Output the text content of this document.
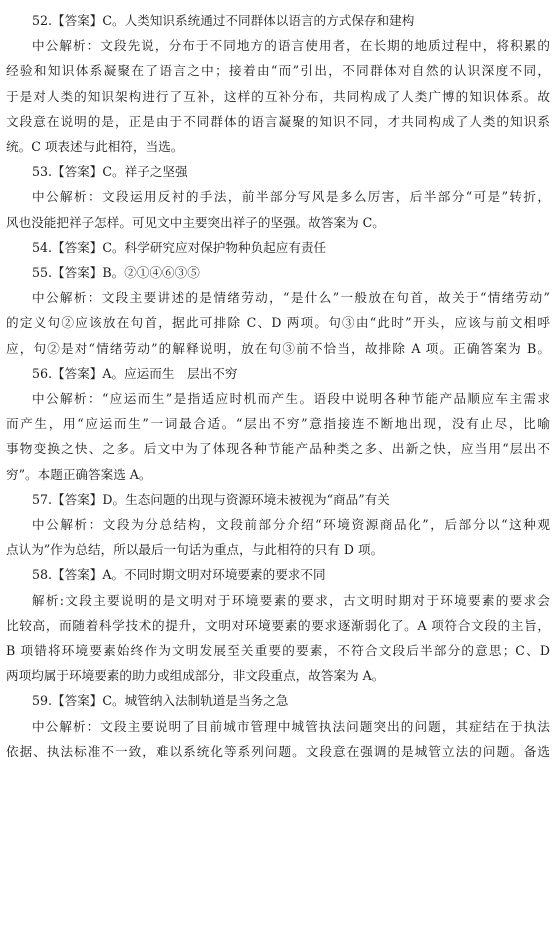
52.【答案】C。人类知识系统通过不同群体以语言的方式保存和建构
中公解析：文段先说，分布于不同地方的语言使用者，在长期的地质过程中，将积累的
经验和知识体系凝聚在了语言之中；接着由“而”引出，不同群体对自然的认识深度不同，
于是对人类的知识架构进行了互补，这样的互补分布，共同构成了人类广博的知识体系。故
文段意在说明的是，正是由于不同群体的语言凝聚的知识不同，才共同构成了人类的知识系
统。C 项表述与此相符，当选。
53.【答案】C。祥子之坚强
中公解析：文段运用反衬的手法，前半部分写风是多么厉害，后半部分“可是”转折，
风也没能把祥子怎样。可见文中主要突出祥子的坚强。故答案为 C。
54.【答案】C。科学研究应对保护物种负起应有责任
55.【答案】B。②①④⑥③⑤
中公解析：文段主要讲述的是情绪劳动，“是什么”一般放在句首，故关于“情绪劳动”
的定义句②应该放在句首，据此可排除 C、D 两项。句③由“此时”开头，应该与前文相呼
应，句②是对“情绪劳动”的解释说明，放在句③前不恰当，故排除 A 项。正确答案为 B。
56.【答案】A。应运而生　层出不穷
中公解析：“应运而生”是指适应时机而产生。语段中说明各种节能产品顺应车主需求
而产生，用“应运而生”一词最合适。“层出不穷”意指接连不断地出现，没有止尽，比喻
事物变换之快、之多。后文中为了体现各种节能产品种类之多、出新之快，应当用“层出不
穷”。本题正确答案选 A。
57.【答案】D。生态问题的出现与资源环境未被视为“商品”有关
中公解析：文段为分总结构，文段前部分介绍“环境资源商品化”，后部分以“这种观
点认为”作为总结，所以最后一句话为重点，与此相符的只有 D 项。
58.【答案】A。不同时期文明对环境要素的要求不同
解析:文段主要说明的是文明对于环境要素的要求，古文明时期对于环境要素的要求会
比较高，而随着科学技术的提升，文明对环境要素的要求逐渐弱化了。A 项符合文段的主旨，
B 项错将环境要素始终作为文明发展至关重要的要素，不符合文段后半部分的意思；C、D
两项均属于环境要素的助力或组成部分，非文段重点，故答案为 A。
59.【答案】C。城管纳入法制轨道是当务之急
中公解析：文段主要说明了目前城市管理中城管执法问题突出的问题，其症结在于执法
依据、执法标准不一致，难以系统化等系列问题。文段意在强调的是城管立法的问题。备选
